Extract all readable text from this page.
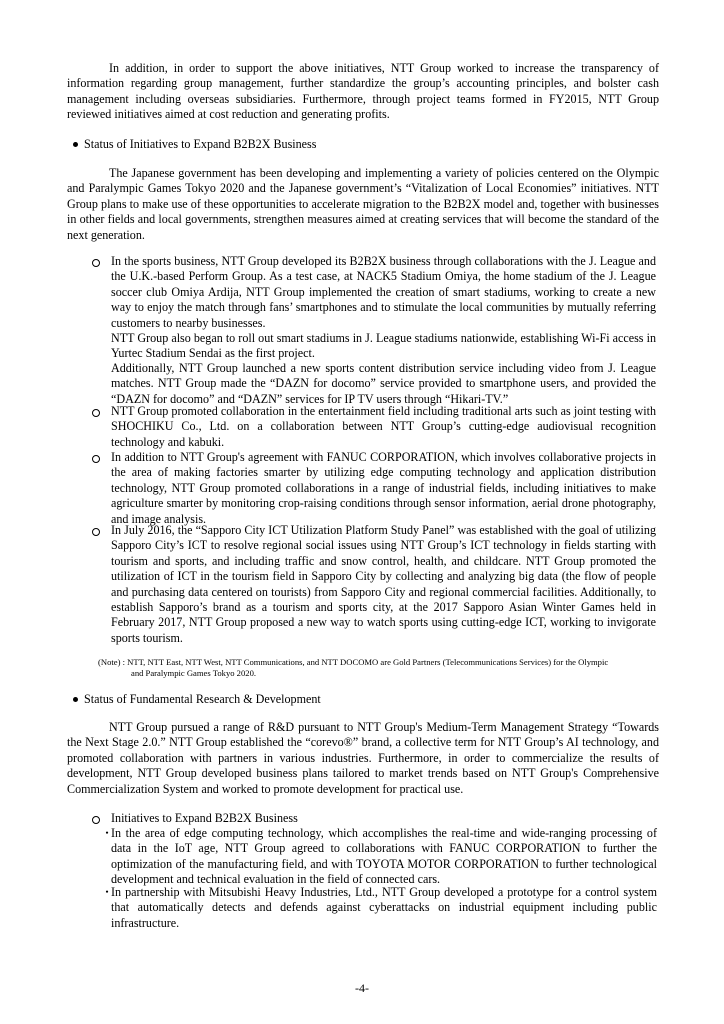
In addition, in order to support the above initiatives, NTT Group worked to increase the transparency of information regarding group management, further standardize the group’s accounting principles, and bolster cash management including overseas subsidiaries. Furthermore, through project teams formed in FY2015, NTT Group reviewed initiatives aimed at cost reduction and generating profits.

Status of Initiatives to Expand B2B2X Business

The Japanese government has been developing and implementing a variety of policies centered on the Olympic and Paralympic Games Tokyo 2020 and the Japanese government’s “Vitalization of Local Economies” initiatives. NTT Group plans to make use of these opportunities to accelerate migration to the B2B2X model and, together with businesses in other fields and local governments, strengthen measures aimed at creating services that will become the standard of the next generation.

In the sports business, NTT Group developed its B2B2X business through collaborations with the J. League and the U.K.-based Perform Group. As a test case, at NACK5 Stadium Omiya, the home stadium of the J. League soccer club Omiya Ardija, NTT Group implemented the creation of smart stadiums, working to create a new way to enjoy the match through fans’ smartphones and to stimulate the local communities by mutually referring customers to nearby businesses.

NTT Group also began to roll out smart stadiums in J. League stadiums nationwide, establishing Wi-Fi access in Yurtec Stadium Sendai as the first project.

Additionally, NTT Group launched a new sports content distribution service including video from J. League matches. NTT Group made the “DAZN for docomo” service provided to smartphone users, and provided the “DAZN for docomo” and “DAZN” services for IP TV users through “Hikari-TV.”

NTT Group promoted collaboration in the entertainment field including traditional arts such as joint testing with SHOCHIKU Co., Ltd. on a collaboration between NTT Group’s cutting-edge audiovisual recognition technology and kabuki.

In addition to NTT Group's agreement with FANUC CORPORATION, which involves collaborative projects in the area of making factories smarter by utilizing edge computing technology and application distribution technology, NTT Group promoted collaborations in a range of industrial fields, including initiatives to make agriculture smarter by monitoring crop-raising conditions through sensor information, aerial drone photography, and image analysis.

In July 2016, the “Sapporo City ICT Utilization Platform Study Panel” was established with the goal of utilizing Sapporo City’s ICT to resolve regional social issues using NTT Group’s ICT technology in fields starting with tourism and sports, and including traffic and snow control, health, and childcare. NTT Group promoted the utilization of ICT in the tourism field in Sapporo City by collecting and analyzing big data (the flow of people and purchasing data centered on tourists) from Sapporo City and regional commercial facilities. Additionally, to establish Sapporo’s brand as a tourism and sports city, at the 2017 Sapporo Asian Winter Games held in February 2017, NTT Group proposed a new way to watch sports using cutting-edge ICT, working to invigorate sports tourism.

(Note) : NTT, NTT East, NTT West, NTT Communications, and NTT DOCOMO are Gold Partners (Telecommunications Services) for the Olympic
and Paralympic Games Tokyo 2020.

Status of Fundamental Research & Development

NTT Group pursued a range of R&D pursuant to NTT Group's Medium-Term Management Strategy “Towards the Next Stage 2.0.” NTT Group established the “corevo®” brand, a collective term for NTT Group’s AI technology, and promoted collaboration with partners in various industries. Furthermore, in order to commercialize the results of development, NTT Group developed business plans tailored to market trends based on NTT Group's Comprehensive Commercialization System and worked to promote development for practical use.

Initiatives to Expand B2B2X Business

･ In the area of edge computing technology, which accomplishes the real-time and wide-ranging processing of data in the IoT age, NTT Group agreed to collaborations with FANUC CORPORATION to further the optimization of the manufacturing field, and with TOYOTA MOTOR CORPORATION to further technological development and technical evaluation in the field of connected cars.

･ In partnership with Mitsubishi Heavy Industries, Ltd., NTT Group developed a prototype for a control system that automatically detects and defends against cyberattacks on industrial equipment including public infrastructure.

-4-
